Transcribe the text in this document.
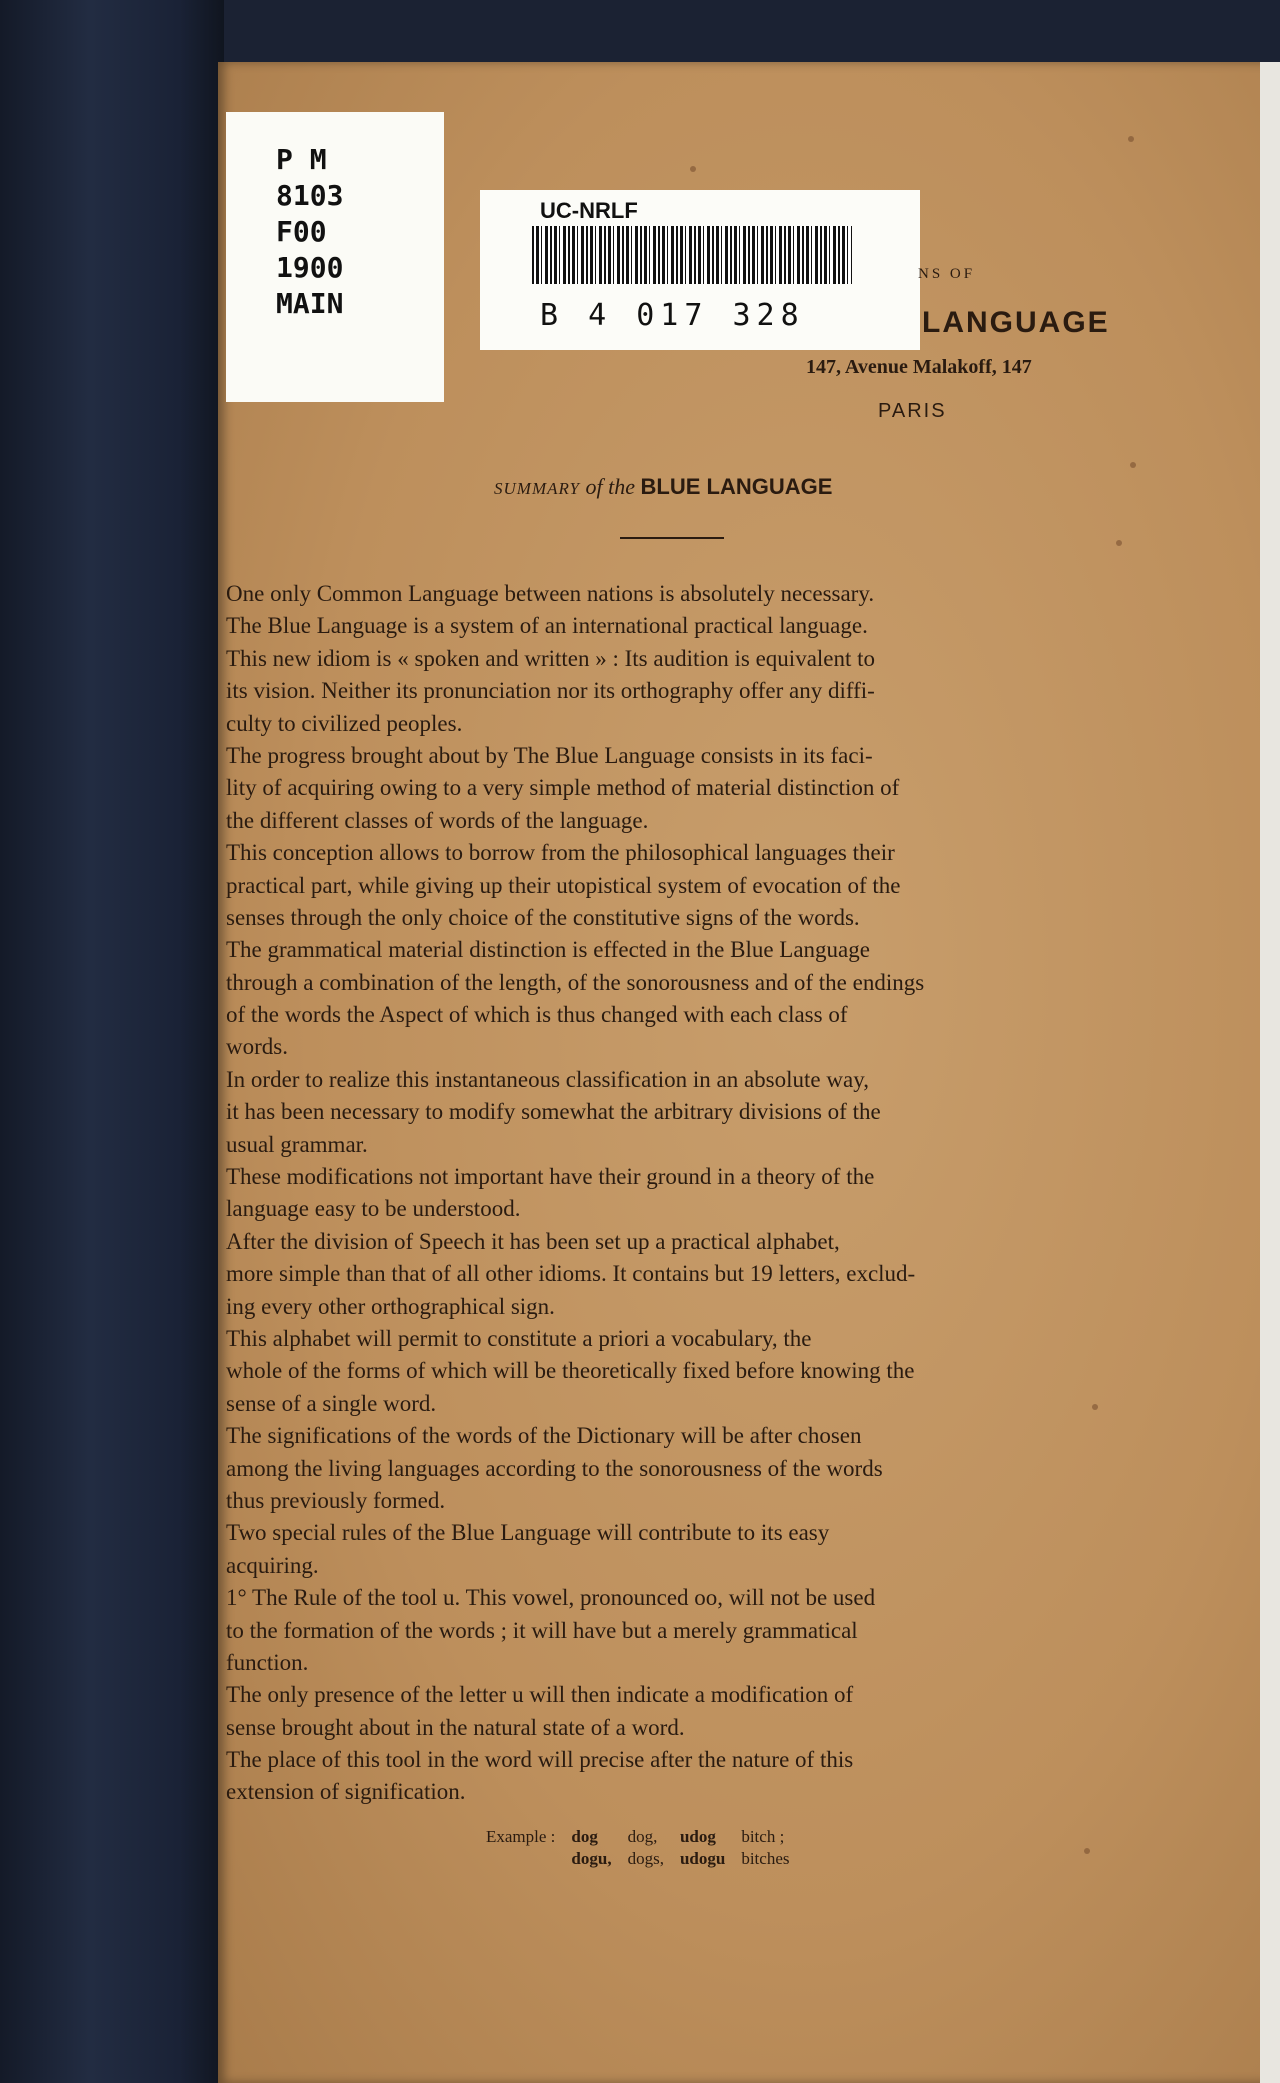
P M
8103
F00
1900
MAIN
UC-NRLF
B 4 017 328
NS OF
LANGUAGE
147, Avenue Malakoff, 147
PARIS
SUMMARY of the BLUE LANGUAGE
One only Common Language between nations is absolutely necessary.
The Blue Language is a system of an international practical language.
This new idiom is « spoken and written » : Its audition is equivalent to
its vision. Neither its pronunciation nor its orthography offer any diffi-
culty to civilized peoples.
The progress brought about by The Blue Language consists in its faci-
lity of acquiring owing to a very simple method of material distinction of
the different classes of words of the language.
This conception allows to borrow from the philosophical languages their
practical part, while giving up their utopistical system of evocation of the
senses through the only choice of the constitutive signs of the words.
The grammatical material distinction is effected in the Blue Language
through a combination of the length, of the sonorousness and of the endings
of the words the Aspect of which is thus changed with each class of
words.
In order to realize this instantaneous classification in an absolute way,
it has been necessary to modify somewhat the arbitrary divisions of the
usual grammar.
These modifications not important have their ground in a theory of the
language easy to be understood.
After the division of Speech it has been set up a practical alphabet,
more simple than that of all other idioms. It contains but 19 letters, exclud-
ing every other orthographical sign.
This alphabet will permit to constitute a priori a vocabulary, the
whole of the forms of which will be theoretically fixed before knowing the
sense of a single word.
The significations of the words of the Dictionary will be after chosen
among the living languages according to the sonorousness of the words
thus previously formed.
Two special rules of the Blue Language will contribute to its easy
acquiring.
1° The Rule of the tool u. This vowel, pronounced oo, will not be used
to the formation of the words ; it will have but a merely grammatical
function.
The only presence of the letter u will then indicate a modification of
sense brought about in the natural state of a word.
The place of this tool in the word will precise after the nature of this
extension of signification.
Example :	dog	dog,	udog	bitch ;
	dogu,	dogs,	udogu	bitches
